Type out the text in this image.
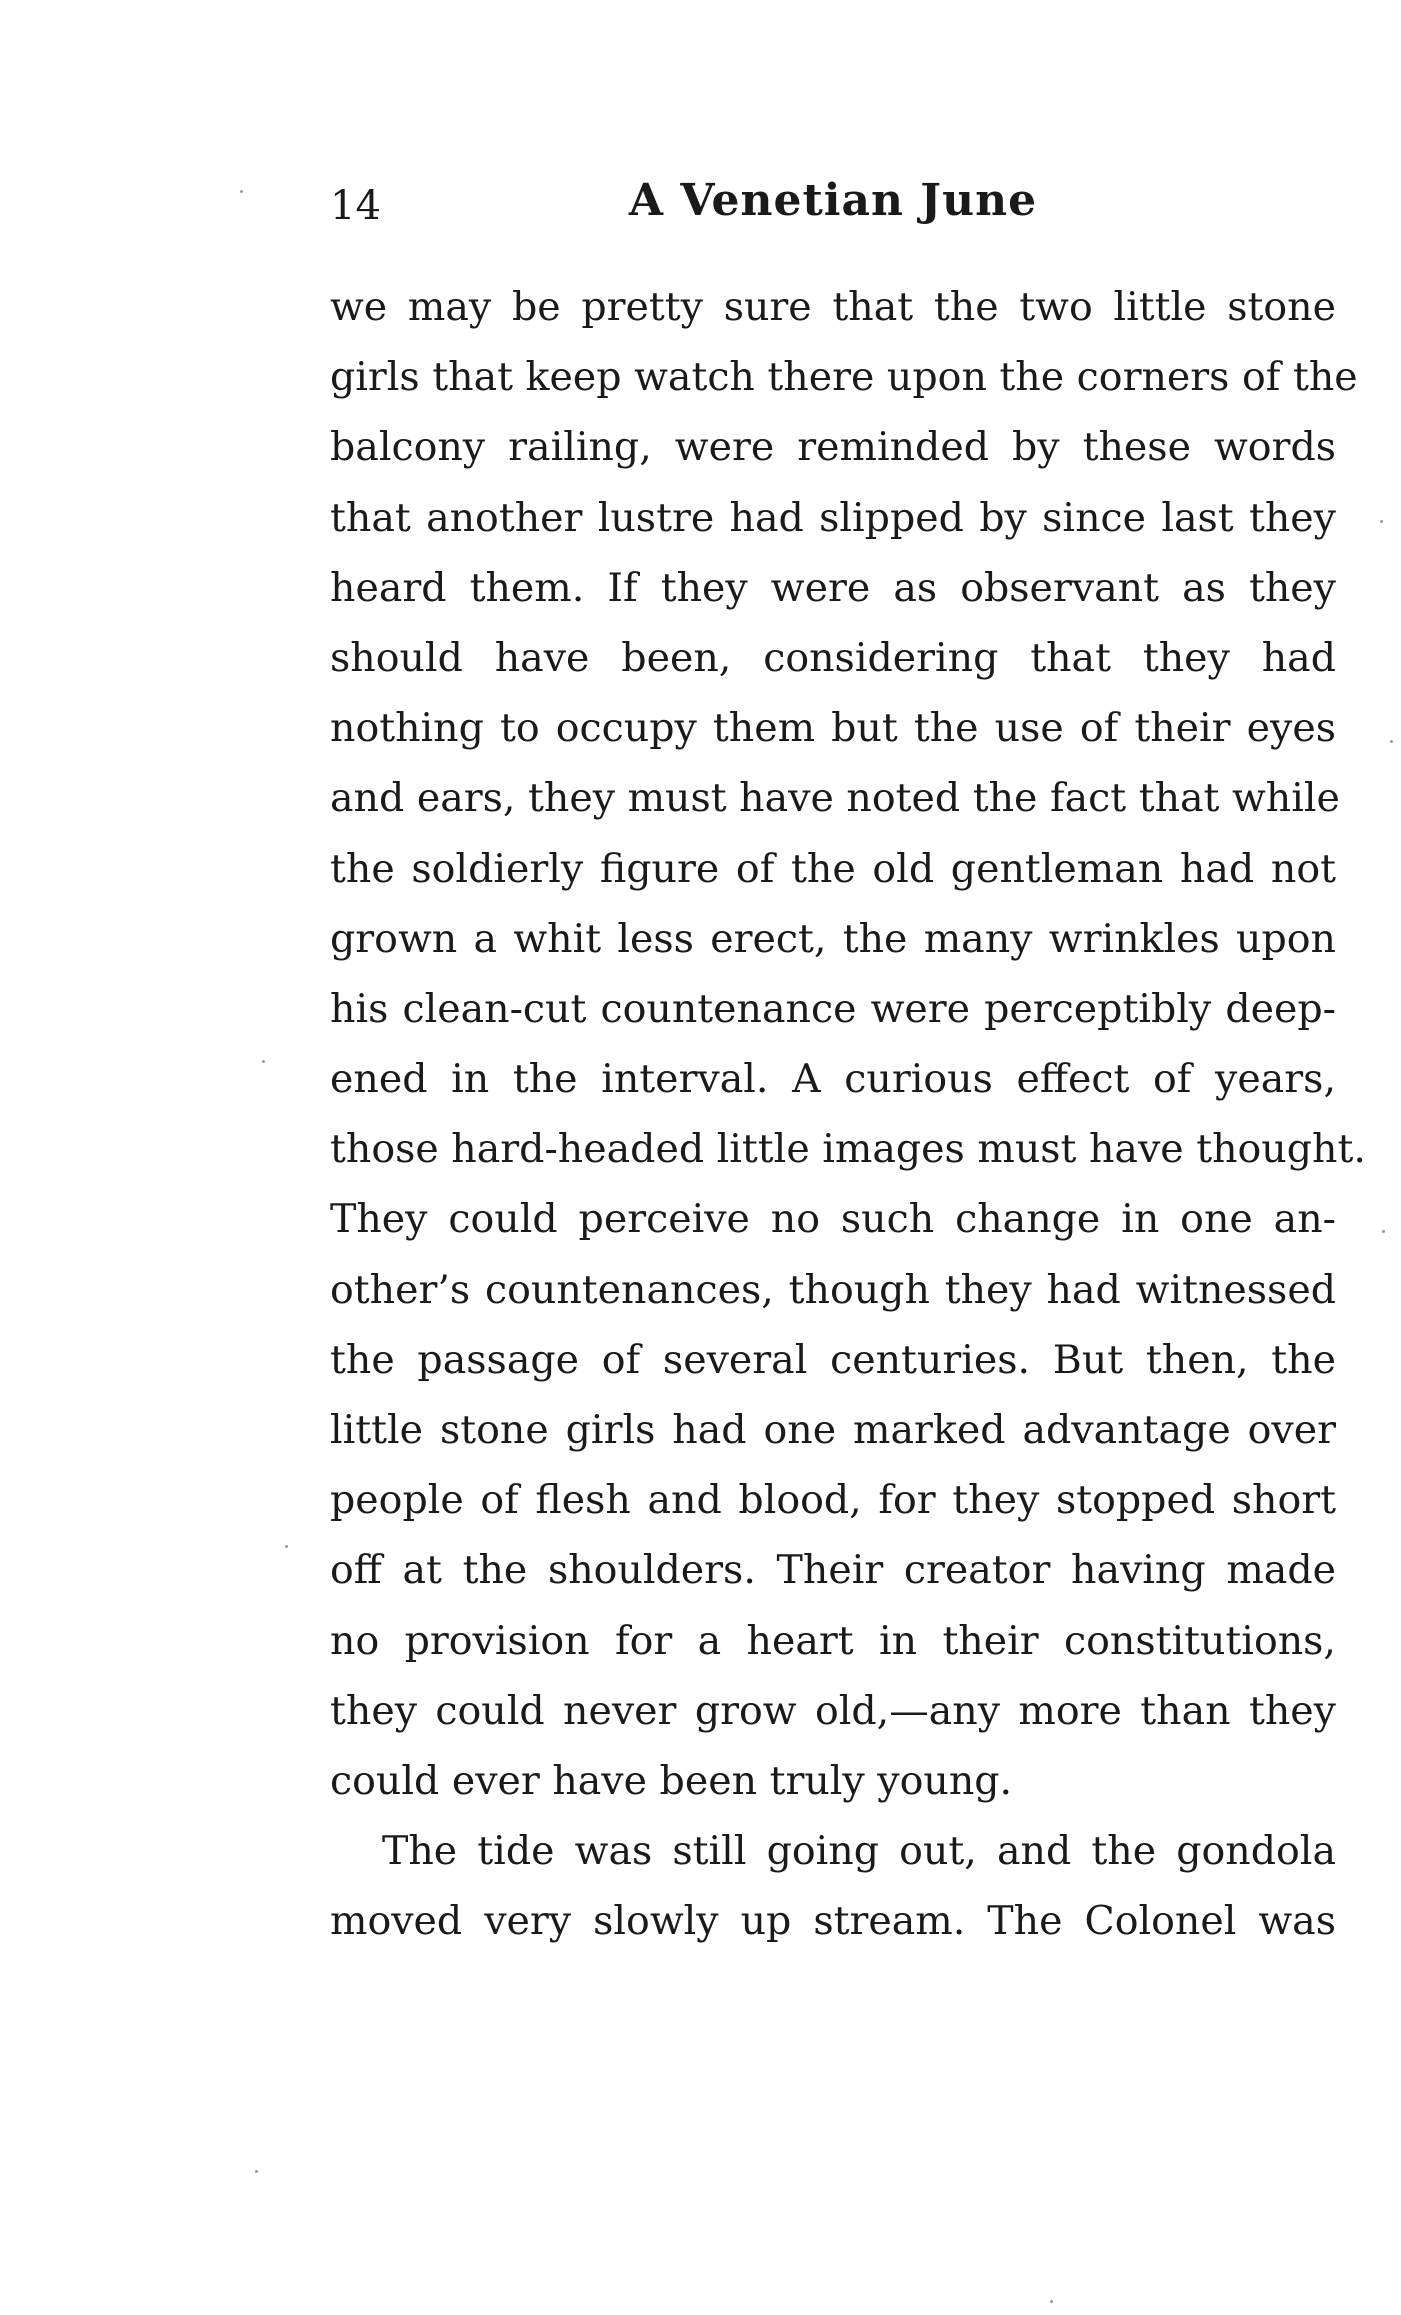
14	A Venetian June
we may be pretty sure that the two little stone
girls that keep watch there upon the corners of the
balcony railing, were reminded by these words
that another lustre had slipped by since last they
heard them. If they were as observant as they
should have been, considering that they had
nothing to occupy them but the use of their eyes
and ears, they must have noted the fact that while
the soldierly figure of the old gentleman had not
grown a whit less erect, the many wrinkles upon
his clean-cut countenance were perceptibly deep-
ened in the interval. A curious effect of years,
those hard-headed little images must have thought.
They could perceive no such change in one an-
other’s countenances, though they had witnessed
the passage of several centuries. But then, the
little stone girls had one marked advantage over
people of flesh and blood, for they stopped short
off at the shoulders. Their creator having made
no provision for a heart in their constitutions,
they could never grow old,—any more than they
could ever have been truly young.
The tide was still going out, and the gondola
moved very slowly up stream. The Colonel was
